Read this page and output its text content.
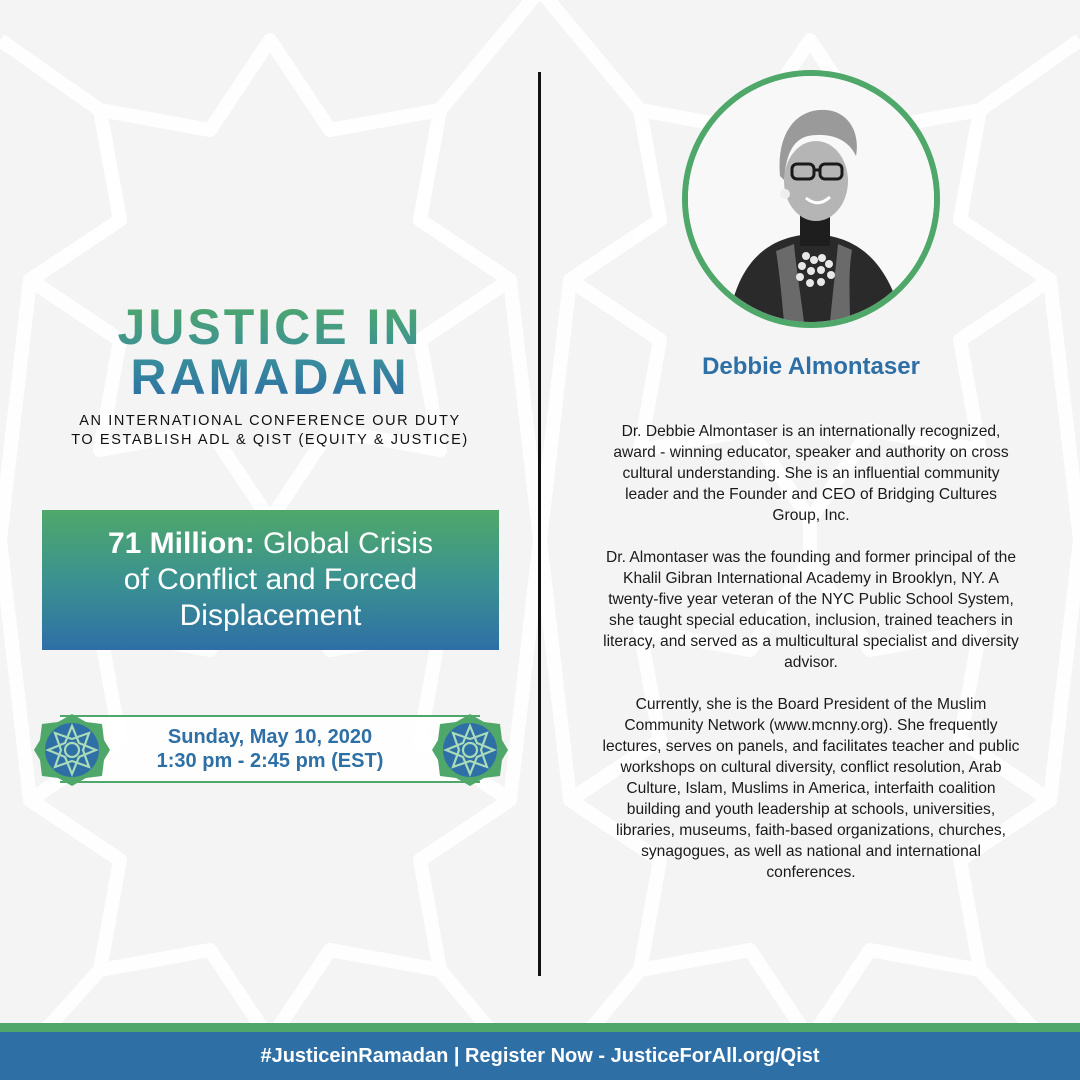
JUSTICE IN
RAMADAN
AN INTERNATIONAL CONFERENCE OUR DUTY
TO ESTABLISH ADL & QIST (EQUITY & JUSTICE)
71 Million: Global Crisis
of Conflict and Forced
Displacement
Sunday, May 10, 2020
1:30 pm - 2:45 pm (EST)
Debbie Almontaser

Dr. Debbie Almontaser is an internationally recognized, award - winning educator, speaker and authority on cross cultural understanding. She is an influential community leader and the Founder and CEO of Bridging Cultures Group, Inc.

Dr. Almontaser was the founding and former principal of the Khalil Gibran International Academy in Brooklyn, NY. A twenty-five year veteran of the NYC Public School System, she taught special education, inclusion, trained teachers in literacy, and served as a multicultural specialist and diversity advisor.

Currently, she is the Board President of the Muslim Community Network (www.mcnny.org). She frequently lectures, serves on panels, and facilitates teacher and public workshops on cultural diversity, conflict resolution, Arab Culture, Islam, Muslims in America, interfaith coalition building and youth leadership at schools, universities, libraries, museums, faith-based organizations, churches, synagogues, as well as national and international conferences.

#JusticeinRamadan | Register Now - JusticeForAll.org/Qist
